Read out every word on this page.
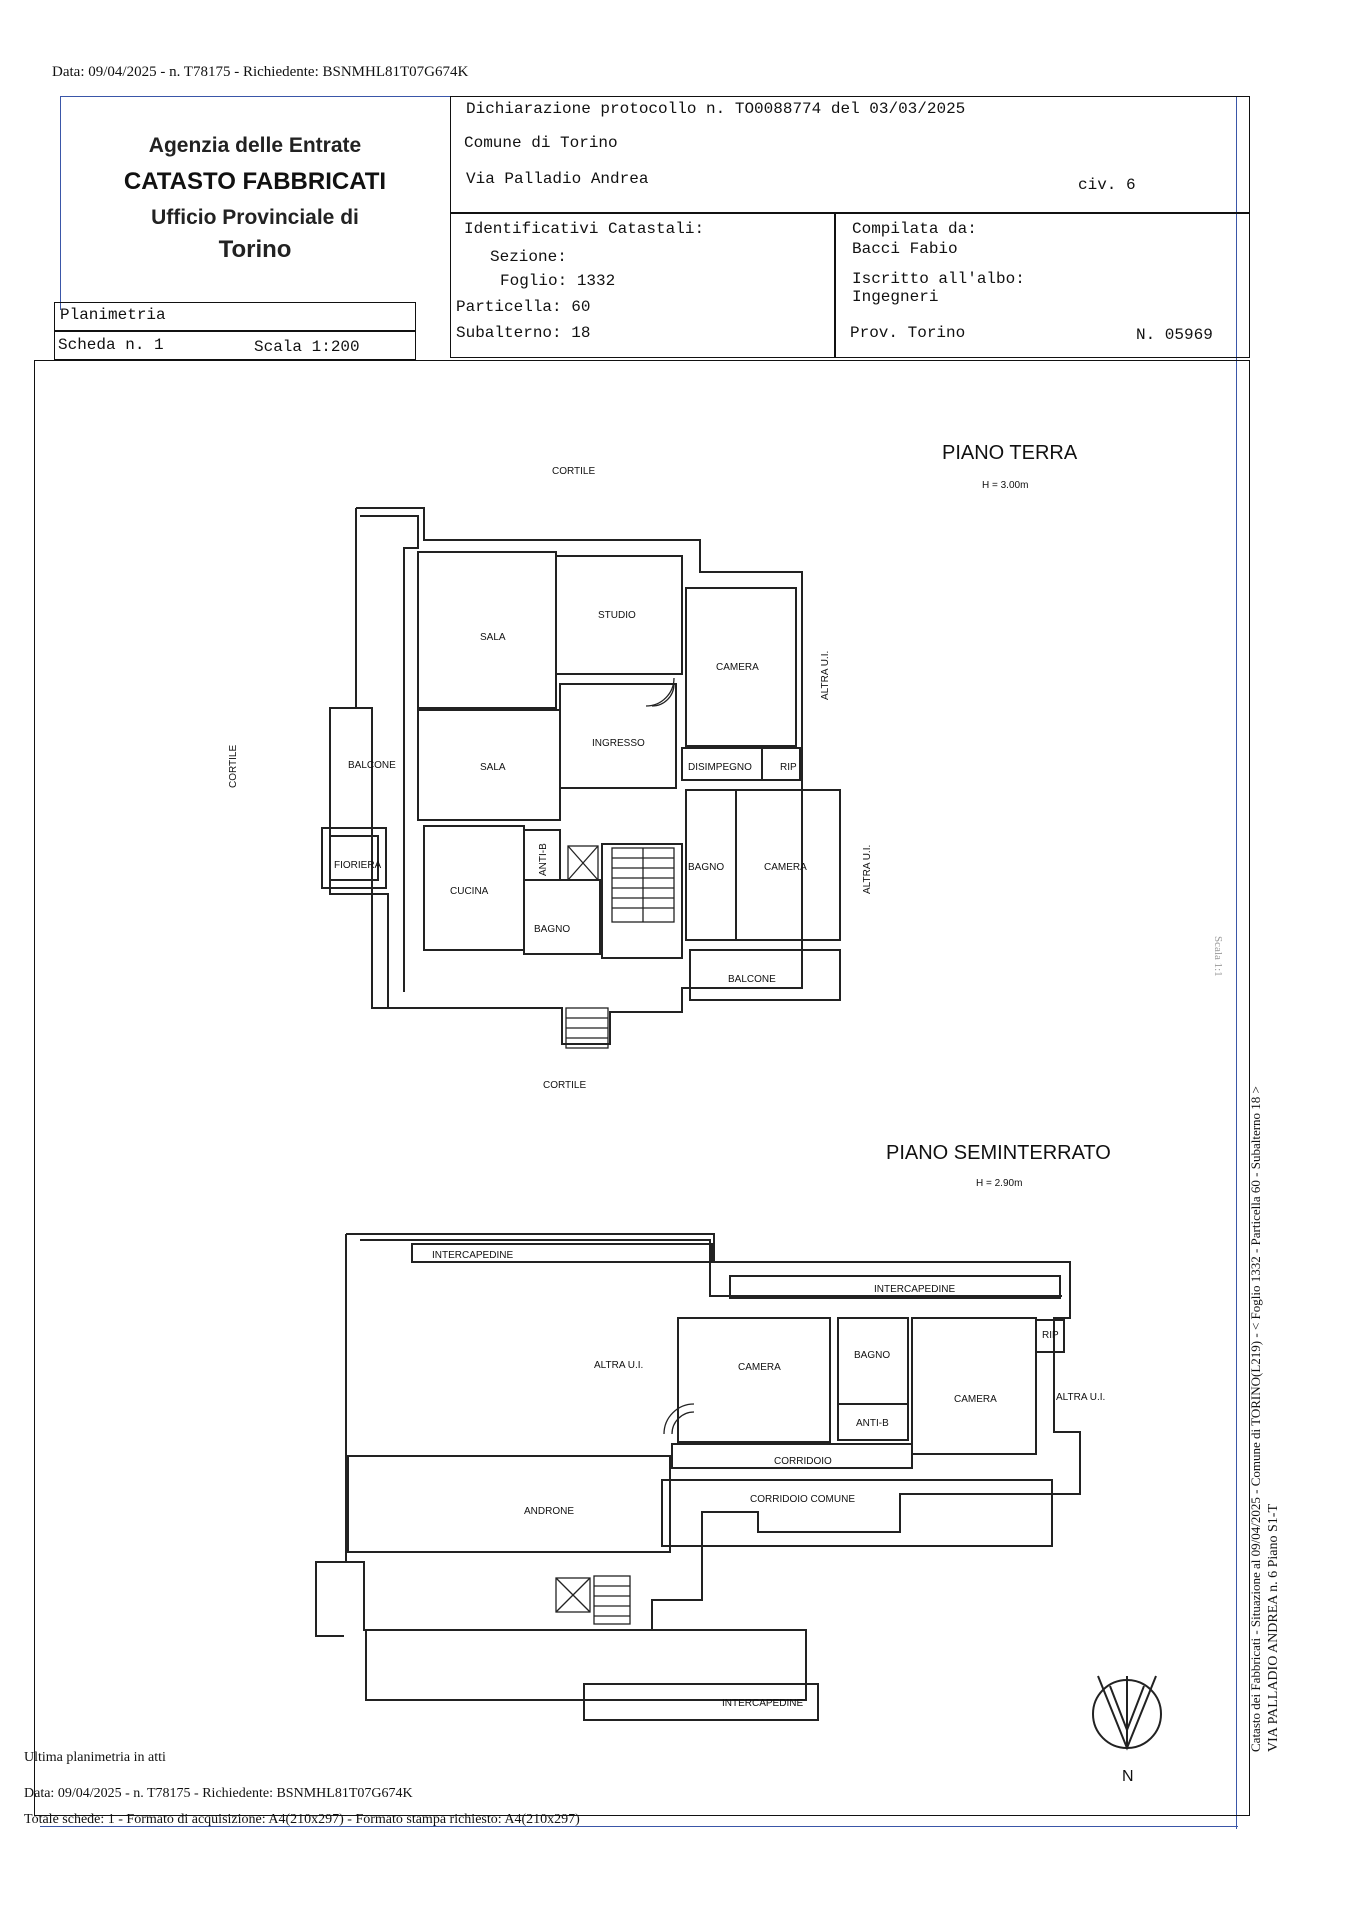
Data: 09/04/2025 - n. T78175 - Richiedente: BSNMHL81T07G674K
Agenzia delle Entrate
CATASTO FABBRICATI
Ufficio Provinciale di
Torino
Dichiarazione protocollo n. TO0088774 del 03/03/2025
Comune di Torino
Via Palladio Andrea	civ. 6
Identificativi Catastali:
Sezione:
Foglio: 1332
Particella: 60
Subalterno: 18
Compilata da:
Bacci Fabio
Iscritto all'albo:
Ingegneri
Prov. Torino	N. 05969
Planimetria
Scheda n. 1	Scala 1:200
PIANO TERRA
H = 3.00m
CORTILE
CORTILE
CORTILE
SALA
STUDIO
CAMERA	ALTRA U.I.
BALCONE	SALA
INGRESSO
DISIMPEGNO	RIP
FIORIERA	ANTI-B
CUCINA
BAGNO
BAGNO	CAMERA	ALTRA U.I.
BALCONE
PIANO SEMINTERRATO
H = 2.90m
INTERCAPEDINE
INTERCAPEDINE
INTERCAPEDINE
ALTRA U.I.	CAMERA
BAGNO
ANTI-B
CAMERA
RIP
ALTRA U.I.
CORRIDOIO
CORRIDOIO COMUNE
ANDRONE
N
Catasto dei Fabbricati - Situazione al 09/04/2025 - Comune di TORINO(L219) - < Foglio 1332 - Particella 60 - Subalterno 18 > VIA PALLADIO ANDREA n. 6 Piano S1-T
Scala 1:1
Ultima planimetria in atti
Data: 09/04/2025 - n. T78175 - Richiedente: BSNMHL81T07G674K
Totale schede: 1 - Formato di acquisizione: A4(210x297) - Formato stampa richiesto: A4(210x297)
